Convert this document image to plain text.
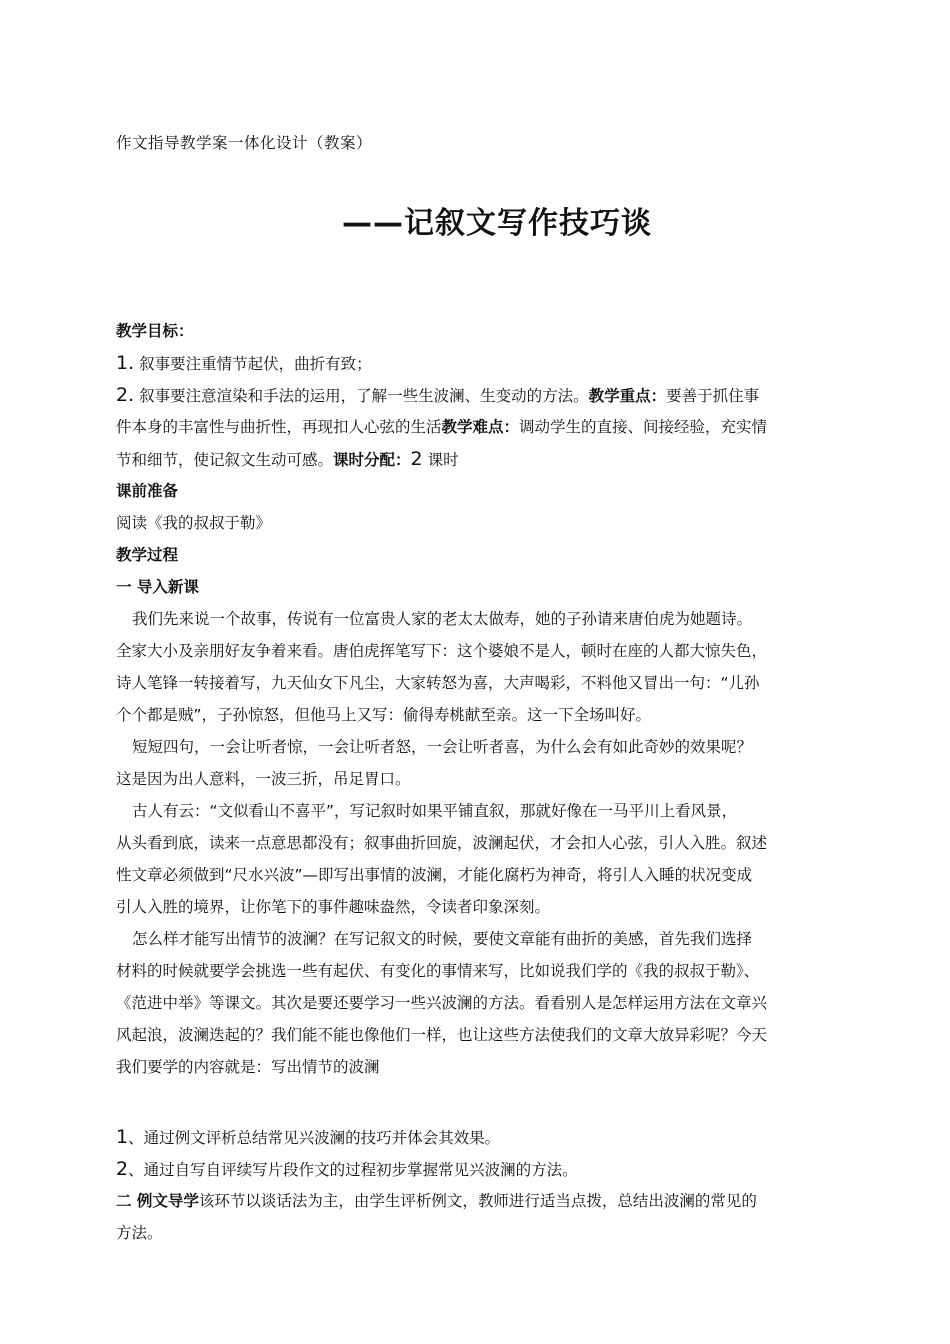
作文指导教学案一体化设计（教案）
——记叙文写作技巧谈
教学目标：
1. 叙事要注重情节起伏，曲折有致；
2. 叙事要注意渲染和手法的运用，了解一些生波澜、生变动的方法。教学重点：要善于抓住事
件本身的丰富性与曲折性，再现扣人心弦的生活教学难点：调动学生的直接、间接经验，充实情
节和细节，使记叙文生动可感。课时分配：2 课时
课前准备
阅读《我的叔叔于勒》
教学过程
一 导入新课
我们先来说一个故事，传说有一位富贵人家的老太太做寿，她的子孙请来唐伯虎为她题诗。
全家大小及亲朋好友争着来看。唐伯虎挥笔写下：这个婆娘不是人，顿时在座的人都大惊失色，
诗人笔锋一转接着写，九天仙女下凡尘，大家转怒为喜，大声喝彩，不料他又冒出一句：“儿孙
个个都是贼”，子孙惊怒，但他马上又写：偷得寿桃献至亲。这一下全场叫好。
短短四句，一会让听者惊，一会让听者怒，一会让听者喜，为什么会有如此奇妙的效果呢？
这是因为出人意料，一波三折，吊足胃口。
古人有云：“文似看山不喜平”，写记叙时如果平铺直叙，那就好像在一马平川上看风景，
从头看到底，读来一点意思都没有；叙事曲折回旋，波澜起伏，才会扣人心弦，引人入胜。叙述
性文章必须做到“尺水兴波”—即写出事情的波澜，才能化腐朽为神奇，将引人入睡的状况变成
引人入胜的境界，让你笔下的事件趣味盎然，令读者印象深刻。
怎么样才能写出情节的波澜？在写记叙文的时候，要使文章能有曲折的美感，首先我们选择
材料的时候就要学会挑选一些有起伏、有变化的事情来写，比如说我们学的《我的叔叔于勒》、
《范进中举》等课文。其次是要还要学习一些兴波澜的方法。看看别人是怎样运用方法在文章兴
风起浪，波澜迭起的？我们能不能也像他们一样，也让这些方法使我们的文章大放异彩呢？今天
我们要学的内容就是：写出情节的波澜
1、通过例文评析总结常见兴波澜的技巧并体会其效果。
2、通过自写自评续写片段作文的过程初步掌握常见兴波澜的方法。
二 例文导学该环节以谈话法为主，由学生评析例文，教师进行适当点拨，总结出波澜的常见的
方法。
